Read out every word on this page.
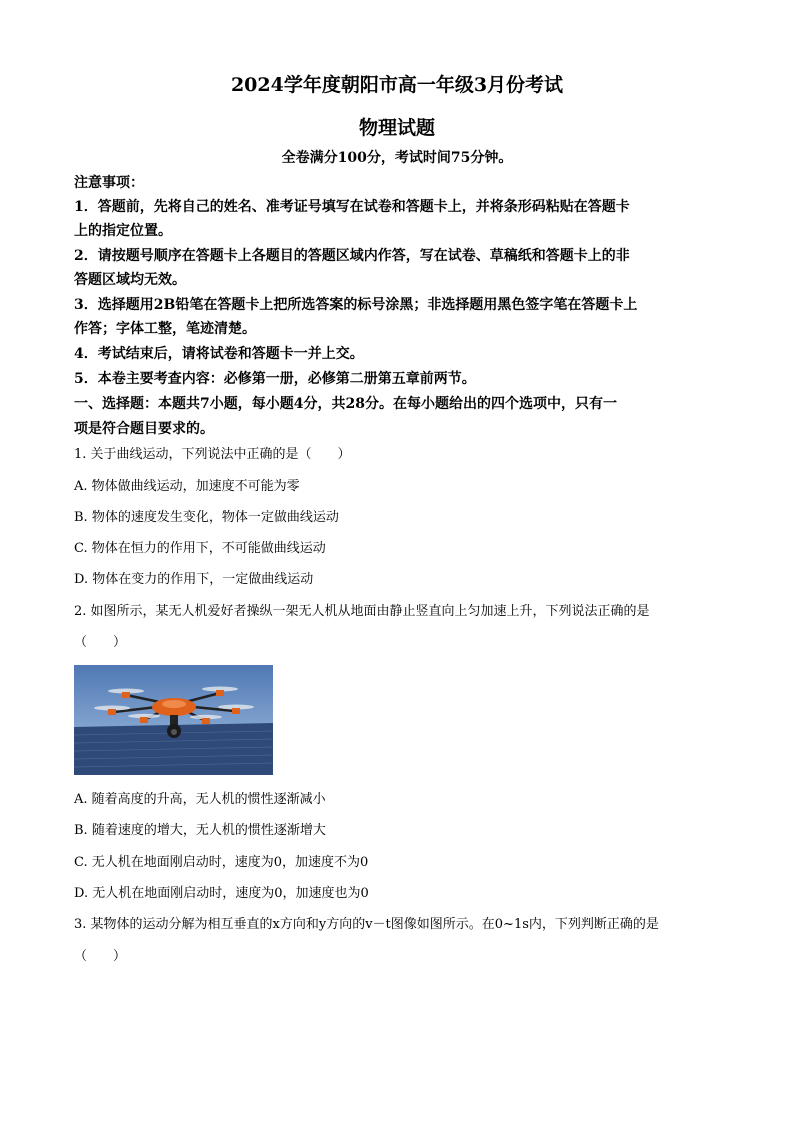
2024学年度朝阳市高一年级3月份考试
物理试题
全卷满分100分，考试时间75分钟。
注意事项：
1．答题前，先将自己的姓名、准考证号填写在试卷和答题卡上，并将条形码粘贴在答题卡
上的指定位置。
2．请按题号顺序在答题卡上各题目的答题区域内作答，写在试卷、草稿纸和答题卡上的非
答题区域均无效。
3．选择题用2B铅笔在答题卡上把所选答案的标号涂黑；非选择题用黑色签字笔在答题卡上
作答；字体工整，笔迹清楚。
4．考试结束后，请将试卷和答题卡一并上交。
5．本卷主要考查内容：必修第一册，必修第二册第五章前两节。
一、选择题：本题共7小题，每小题4分，共28分。在每小题给出的四个选项中，只有一
项是符合题目要求的。
1. 关于曲线运动，下列说法中正确的是（　　）
A. 物体做曲线运动，加速度不可能为零
B. 物体的速度发生变化，物体一定做曲线运动
C. 物体在恒力的作用下，不可能做曲线运动
D. 物体在变力的作用下，一定做曲线运动
2. 如图所示，某无人机爱好者操纵一架无人机从地面由静止竖直向上匀加速上升，下列说法正确的是
（　　）
A. 随着高度的升高，无人机的惯性逐渐减小
B. 随着速度的增大，无人机的惯性逐渐增大
C. 无人机在地面刚启动时，速度为0，加速度不为0
D. 无人机在地面刚启动时，速度为0，加速度也为0
3. 某物体的运动分解为相互垂直的x方向和y方向的v－t图像如图所示。在0~1s内，下列判断正确的是
（　　）
